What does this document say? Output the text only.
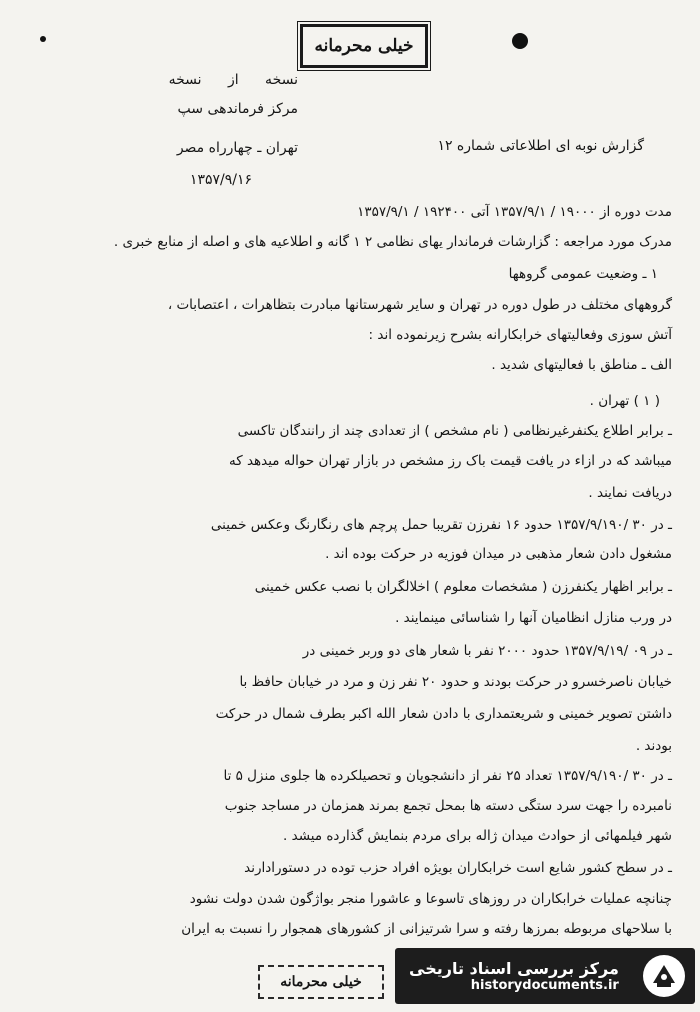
خیلی محرمانه
نسخه از نسخه
مرکز فرماندهی سپ
گزارش نوبه ای اطلاعاتی شماره ۱۲
تهران ـ چهارراه مصر
۱۳۵۷/۹/۱۶
مدت دوره از ۱۹۰۰۰ / ۱۳۵۷/۹/۱ آتی ۱۹۲۴۰۰ / ۱۳۵۷/۹/۱
مدرک مورد مراجعه : گزارشات فرماندار یهای نظامی ۲ ۱ گانه و اطلاعیه های و اصله از منابع خبری .
۱ ـ وضعیت عمومی گروهها
گروههای مختلف در طول دوره در تهران و سایر شهرستانها مبادرت بتظاهرات ، اعتصابات ،
آتش سوزی وفعالیتهای خرابکارانه بشرح زیرنموده اند :
الف ـ مناطق با فعالیتهای شدید .
( ۱ ) تهران .
ـ برابر اطلاع یکنفرغیرنظامی ( نام مشخص ) از تعدادی چند از رانندگان تاکسی
میباشد که در ازاء در یافت قیمت باک رز مشخص در بازار تهران حواله میدهد که
دریافت نمایند .
ـ در ۳۰ /۱۳۵۷/۹/۱۹۰ حدود ۱۶ نفرزن تقریبا حمل پرچم های رنگارنگ وعکس خمینی
مشغول دادن شعار مذهبی در میدان فوزیه در حرکت بوده اند .
ـ برابر اظهار یکنفرزن ( مشخصات معلوم ) اخلالگران با نصب عکس خمینی
در ورب منازل انظامیان آنها را شناسائی مینمایند .
ـ در ۰۹ /۱۳۵۷/۹/۱۹ حدود ۲۰۰۰ نفر با شعار های دو وربر خمینی در
خیابان ناصرخسرو در حرکت بودند و حدود ۲۰ نفر زن و مرد در خیابان حافظ با
داشتن تصویر خمینی و شریعتمداری با دادن شعار الله اکبر بطرف شمال در حرکت
بودند .
ـ در ۳۰ /۱۳۵۷/۹/۱۹۰ تعداد ۲۵ نفر از دانشجویان و تحصیلکرده ها جلوی منزل ۵ تا
نامبرده را جهت سرد ستگی دسته ها بمحل تجمع بمرند همزمان در مساجد جنوب
شهر فیلمهائی از حوادث میدان ژاله برای مردم بنمایش گذارده میشد .
ـ در سطح کشور شایع است خرابکاران بویژه افراد حزب توده در دستورادارند
چنانچه عملیات خرابکاران در روزهای تاسوعا و عاشورا منجر بواژگون شدن دولت نشود
با سلاحهای مربوطه بمرزها رفته و سرا شرتیزانی از کشورهای همجوار را نسبت به ایران
خیلی محرمانه
مرکز بررسی اسناد تاریخی
historydocuments.ir
